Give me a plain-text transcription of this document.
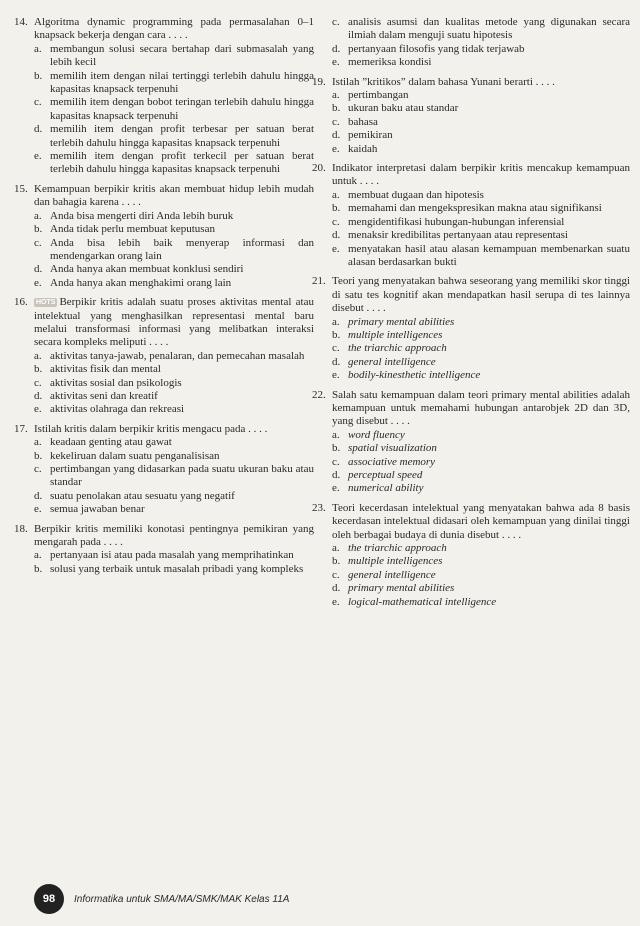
14. Algoritma dynamic programming pada permasalahan 0–1 knapsack bekerja dengan cara . . . .
a. membangun solusi secara bertahap dari submasalah yang lebih kecil
b. memilih item dengan nilai tertinggi terlebih dahulu hingga kapasitas knapsack terpenuhi
c. memilih item dengan bobot teringan terlebih dahulu hingga kapasitas knapsack terpenuhi
d. memilih item dengan profit terbesar per satuan berat terlebih dahulu hingga kapasitas knapsack terpenuhi
e. memilih item dengan profit terkecil per satuan berat terlebih dahulu hingga kapasitas knapsack terpenuhi
15. Kemampuan berpikir kritis akan membuat hidup lebih mudah dan bahagia karena . . . .
a. Anda bisa mengerti diri Anda lebih buruk
b. Anda tidak perlu membuat keputusan
c. Anda bisa lebih baik menyerap informasi dan mendengarkan orang lain
d. Anda hanya akan membuat konklusi sendiri
e. Anda hanya akan menghakimi orang lain
16.	HOTS Berpikir kritis adalah suatu proses aktivitas mental atau intelektual yang menghasilkan representasi mental baru melalui transformasi informasi yang melibatkan interaksi secara kompleks meliputi . . . .
a. aktivitas tanya-jawab, penalaran, dan pemecahan masalah
b. aktivitas fisik dan mental
c. aktivitas sosial dan psikologis
d. aktivitas seni dan kreatif
e. aktivitas olahraga dan rekreasi
17. Istilah kritis dalam berpikir kritis mengacu pada . . . .
a. keadaan genting atau gawat
b. kekeliruan dalam suatu penganalisisan
c. pertimbangan yang didasarkan pada suatu ukuran baku atau standar
d. suatu penolakan atau sesuatu yang negatif
e. semua jawaban benar
18. Berpikir kritis memiliki konotasi pentingnya pemikiran yang mengarah pada . . . .
a. pertanyaan isi atau pada masalah yang memprihatinkan
b. solusi yang terbaik untuk masalah pribadi yang kompleks
c. analisis asumsi dan kualitas metode yang digunakan secara ilmiah dalam menguji suatu hipotesis
d. pertanyaan filosofis yang tidak terjawab
e. memeriksa kondisi
19. Istilah ”kritikos” dalam bahasa Yunani berarti . . . .
a. pertimbangan
b. ukuran baku atau standar
c. bahasa
d. pemikiran
e. kaidah
20. Indikator interpretasi dalam berpikir kritis mencakup kemampuan untuk . . . .
a. membuat dugaan dan hipotesis
b. memahami dan mengekspresikan makna atau signifikansi
c. mengidentifikasi hubungan-hubungan inferensial
d. menaksir kredibilitas pertanyaan atau representasi
e. menyatakan hasil atau alasan kemampuan membenarkan suatu alasan berdasarkan bukti
21. Teori yang menyatakan bahwa seseorang yang memiliki skor tinggi di satu tes kognitif akan mendapatkan hasil serupa di tes lainnya disebut . . . .
a. primary mental abilities
b. multiple intelligences
c. the triarchic approach
d. general intelligence
e. bodily-kinesthetic intelligence
22. Salah satu kemampuan dalam teori primary mental abilities adalah kemampuan untuk memahami hubungan antarobjek 2D dan 3D, yang disebut . . . .
a. word fluency
b. spatial visualization
c. associative memory
d. perceptual speed
e. numerical ability
23. Teori kecerdasan intelektual yang menyatakan bahwa ada 8 basis kecerdasan intelektual didasari oleh kemampuan yang dinilai tinggi oleh berbagai budaya di dunia disebut . . . .
a. the triarchic approach
b. multiple intelligences
c. general intelligence
d. primary mental abilities
e. logical-mathematical intelligence
98	Informatika untuk SMA/MA/SMK/MAK Kelas 11A
